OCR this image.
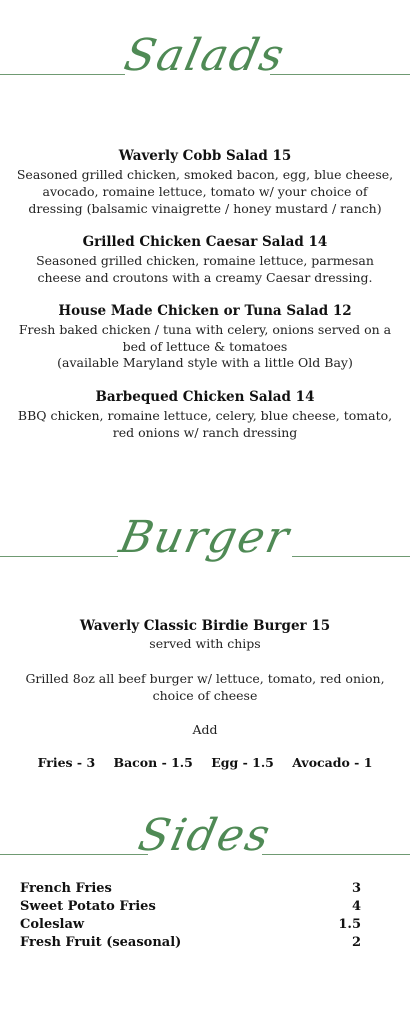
Salads
Waverly Cobb Salad 15
Seasoned grilled chicken, smoked bacon, egg, blue cheese, avocado, romaine lettuce, tomato w/ your choice of dressing (balsamic vinaigrette / honey mustard / ranch)
Grilled Chicken Caesar Salad 14
Seasoned grilled chicken, romaine lettuce, parmesan cheese and croutons with a creamy Caesar dressing.
House Made Chicken or Tuna Salad 12
Fresh baked chicken / tuna with celery, onions served on a bed of lettuce & tomatoes
(available Maryland style with a little Old Bay)
Barbequed Chicken Salad 14
BBQ chicken, romaine lettuce, celery, blue cheese, tomato, red onions w/ ranch dressing
Burger
Waverly Classic Birdie Burger 15
served with chips
Grilled 8oz all beef burger w/ lettuce, tomato, red onion, choice of cheese
Add
Fries - 3 Bacon - 1.5 Egg - 1.5 Avocado - 1
Sides
French Fries	3
Sweet Potato Fries	4
Coleslaw	1.5
Fresh Fruit (seasonal)	2
